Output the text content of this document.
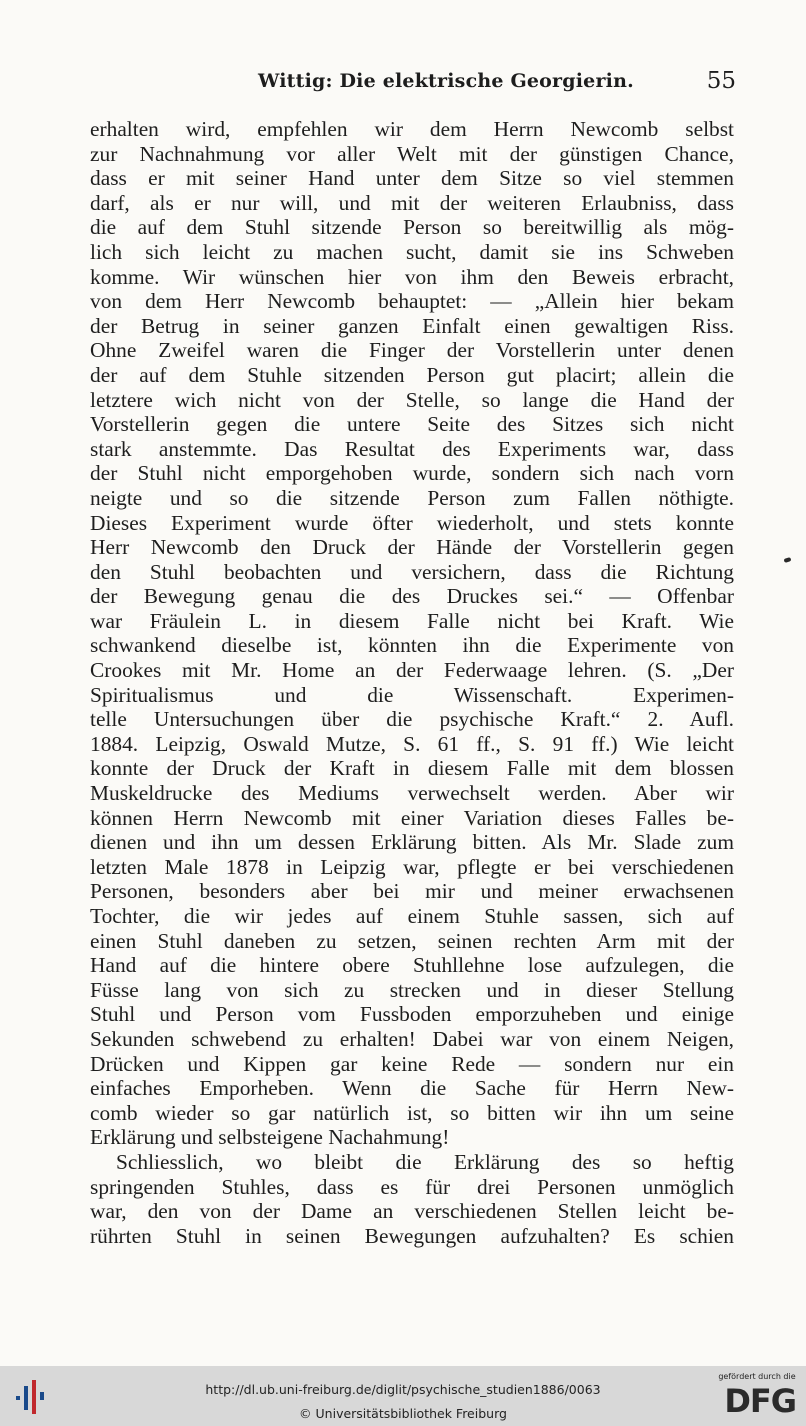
Wittig: Die elektrische Georgierin.	55
erhalten wird, empfehlen wir dem Herrn Newcomb selbst
zur Nachnahmung vor aller Welt mit der günstigen Chance,
dass er mit seiner Hand unter dem Sitze so viel stemmen
darf, als er nur will, und mit der weiteren Erlaubniss, dass
die auf dem Stuhl sitzende Person so bereitwillig als mög-
lich sich leicht zu machen sucht, damit sie ins Schweben
komme. Wir wünschen hier von ihm den Beweis erbracht,
von dem Herr Newcomb behauptet: — „Allein hier bekam
der Betrug in seiner ganzen Einfalt einen gewaltigen Riss.
Ohne Zweifel waren die Finger der Vorstellerin unter denen
der auf dem Stuhle sitzenden Person gut placirt; allein die
letztere wich nicht von der Stelle, so lange die Hand der
Vorstellerin gegen die untere Seite des Sitzes sich nicht
stark anstemmte. Das Resultat des Experiments war, dass
der Stuhl nicht emporgehoben wurde, sondern sich nach vorn
neigte und so die sitzende Person zum Fallen nöthigte.
Dieses Experiment wurde öfter wiederholt, und stets konnte
Herr Newcomb den Druck der Hände der Vorstellerin gegen
den Stuhl beobachten und versichern, dass die Richtung
der Bewegung genau die des Druckes sei.“ — Offenbar
war Fräulein L. in diesem Falle nicht bei Kraft. Wie
schwankend dieselbe ist, könnten ihn die Experimente von
Crookes mit Mr. Home an der Federwaage lehren. (S. „Der
Spiritualismus und die Wissenschaft. Experimen-
telle Untersuchungen über die psychische Kraft.“ 2. Aufl.
1884. Leipzig, Oswald Mutze, S. 61 ff., S. 91 ff.) Wie leicht
konnte der Druck der Kraft in diesem Falle mit dem blossen
Muskeldrucke des Mediums verwechselt werden. Aber wir
können Herrn Newcomb mit einer Variation dieses Falles be-
dienen und ihn um dessen Erklärung bitten. Als Mr. Slade zum
letzten Male 1878 in Leipzig war, pflegte er bei verschiedenen
Personen, besonders aber bei mir und meiner erwachsenen
Tochter, die wir jedes auf einem Stuhle sassen, sich auf
einen Stuhl daneben zu setzen, seinen rechten Arm mit der
Hand auf die hintere obere Stuhllehne lose aufzulegen, die
Füsse lang von sich zu strecken und in dieser Stellung
Stuhl und Person vom Fussboden emporzuheben und einige
Sekunden schwebend zu erhalten! Dabei war von einem Neigen,
Drücken und Kippen gar keine Rede — sondern nur ein
einfaches Emporheben. Wenn die Sache für Herrn New-
comb wieder so gar natürlich ist, so bitten wir ihn um seine
Erklärung und selbsteigene Nachahmung!
Schliesslich, wo bleibt die Erklärung des so heftig
springenden Stuhles, dass es für drei Personen unmöglich
war, den von der Dame an verschiedenen Stellen leicht be-
rührten Stuhl in seinen Bewegungen aufzuhalten? Es schien
http://dl.ub.uni-freiburg.de/diglit/psychische_studien1886/0063
© Universitätsbibliothek Freiburg
gefördert durch die
DFG
